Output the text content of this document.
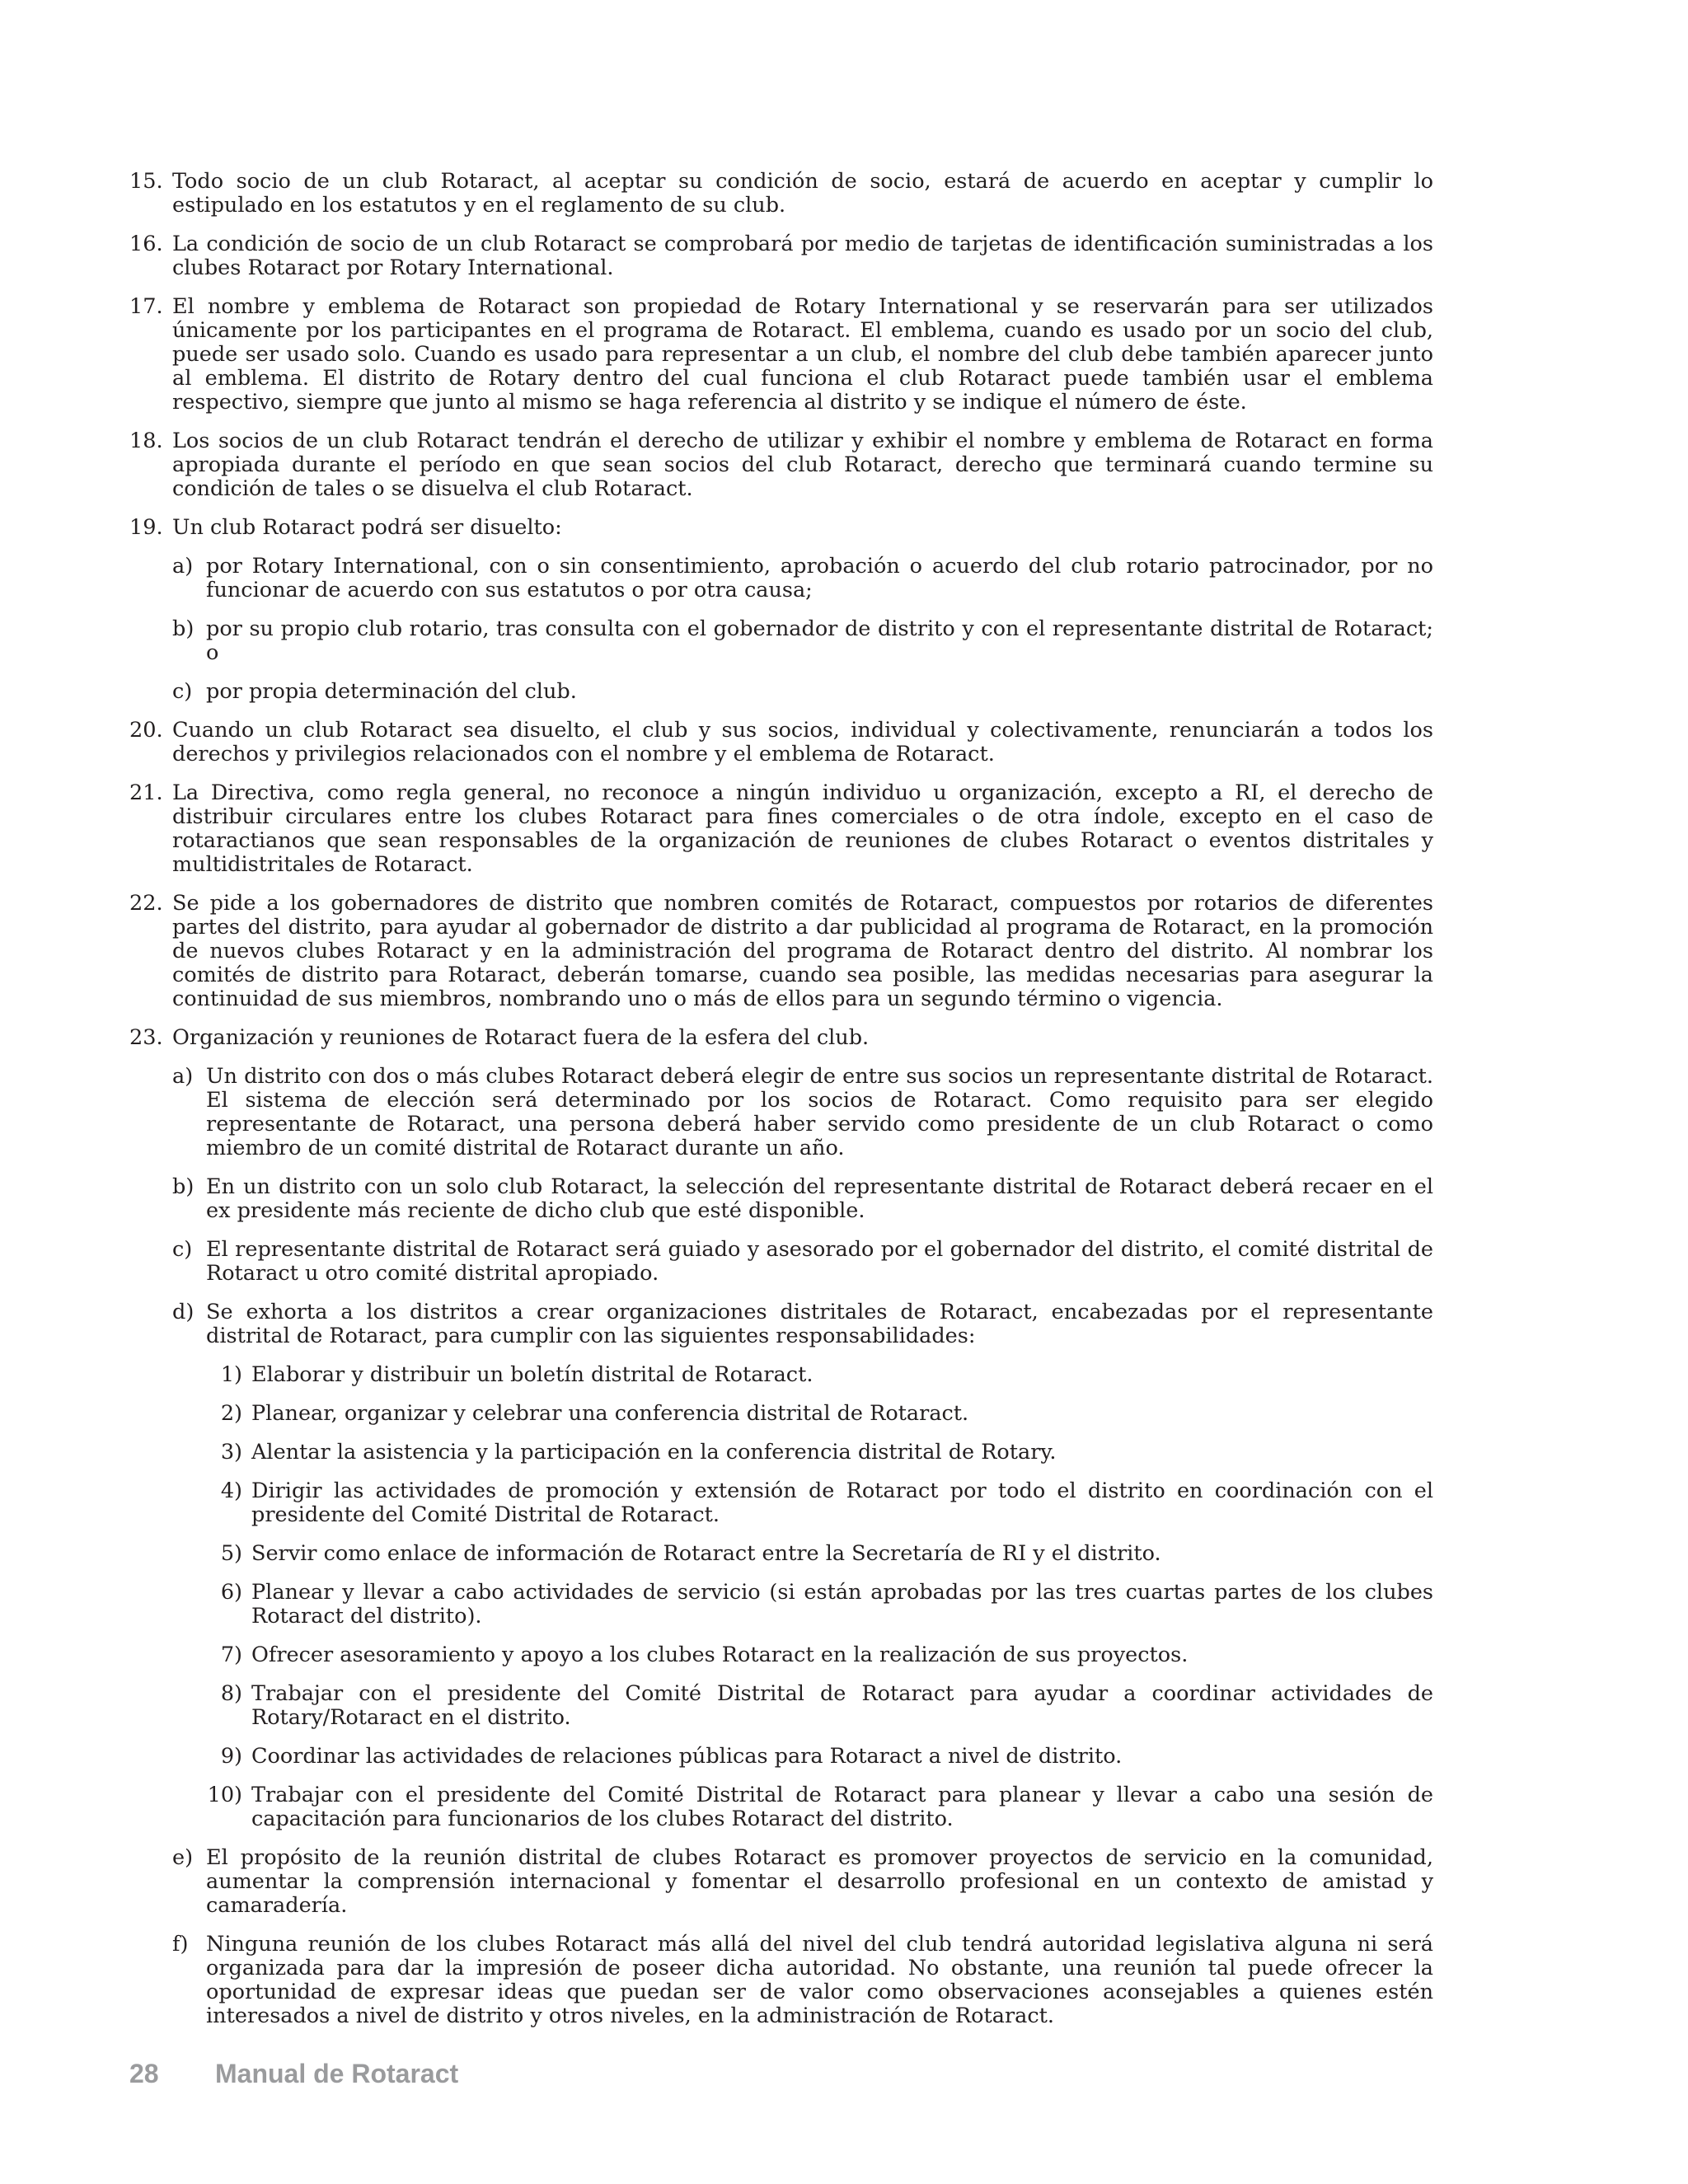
15. Todo socio de un club Rotaract, al aceptar su condición de socio, estará de acuerdo en aceptar y cumplir lo estipulado en los estatutos y en el reglamento de su club.
16. La condición de socio de un club Rotaract se comprobará por medio de tarjetas de identificación suministradas a los clubes Rotaract por Rotary International.
17. El nombre y emblema de Rotaract son propiedad de Rotary International y se reservarán para ser utilizados únicamente por los participantes en el programa de Rotaract. El emblema, cuando es usado por un socio del club, puede ser usado solo. Cuando es usado para representar a un club, el nombre del club debe también aparecer junto al emblema. El distrito de Rotary dentro del cual funciona el club Rotaract puede también usar el emblema respectivo, siempre que junto al mismo se haga referencia al distrito y se indique el número de éste.
18. Los socios de un club Rotaract tendrán el derecho de utilizar y exhibir el nombre y emblema de Rotaract en forma apropiada durante el período en que sean socios del club Rotaract, derecho que terminará cuando termine su condición de tales o se disuelva el club Rotaract.
19. Un club Rotaract podrá ser disuelto:
a) por Rotary International, con o sin consentimiento, aprobación o acuerdo del club rotario patrocinador, por no funcionar de acuerdo con sus estatutos o por otra causa;
b) por su propio club rotario, tras consulta con el gobernador de distrito y con el representante distrital de Rotaract; o
c) por propia determinación del club.
20. Cuando un club Rotaract sea disuelto, el club y sus socios, individual y colectivamente, renunciarán a todos los derechos y privilegios relacionados con el nombre y el emblema de Rotaract.
21. La Directiva, como regla general, no reconoce a ningún individuo u organización, excepto a RI, el derecho de distribuir circulares entre los clubes Rotaract para fines comerciales o de otra índole, excepto en el caso de rotaractianos que sean responsables de la organización de reuniones de clubes Rotaract o eventos distritales y multidistritales de Rotaract.
22. Se pide a los gobernadores de distrito que nombren comités de Rotaract, compuestos por rotarios de diferentes partes del distrito, para ayudar al gobernador de distrito a dar publicidad al programa de Rotaract, en la promoción de nuevos clubes Rotaract y en la administración del programa de Rotaract dentro del distrito. Al nombrar los comités de distrito para Rotaract, deberán tomarse, cuando sea posible, las medidas necesarias para asegurar la continuidad de sus miembros, nombrando uno o más de ellos para un segundo término o vigencia.
23. Organización y reuniones de Rotaract fuera de la esfera del club.
a) Un distrito con dos o más clubes Rotaract deberá elegir de entre sus socios un representante distrital de Rotaract. El sistema de elección será determinado por los socios de Rotaract. Como requisito para ser elegido representante de Rotaract, una persona deberá haber servido como presidente de un club Rotaract o como miembro de un comité distrital de Rotaract durante un año.
b) En un distrito con un solo club Rotaract, la selección del representante distrital de Rotaract deberá recaer en el ex presidente más reciente de dicho club que esté disponible.
c) El representante distrital de Rotaract será guiado y asesorado por el gobernador del distrito, el comité distrital de Rotaract u otro comité distrital apropiado.
d) Se exhorta a los distritos a crear organizaciones distritales de Rotaract, encabezadas por el representante distrital de Rotaract, para cumplir con las siguientes responsabilidades:
1) Elaborar y distribuir un boletín distrital de Rotaract.
2) Planear, organizar y celebrar una conferencia distrital de Rotaract.
3) Alentar la asistencia y la participación en la conferencia distrital de Rotary.
4) Dirigir las actividades de promoción y extensión de Rotaract por todo el distrito en coordinación con el presidente del Comité Distrital de Rotaract.
5) Servir como enlace de información de Rotaract entre la Secretaría de RI y el distrito.
6) Planear y llevar a cabo actividades de servicio (si están aprobadas por las tres cuartas partes de los clubes Rotaract del distrito).
7) Ofrecer asesoramiento y apoyo a los clubes Rotaract en la realización de sus proyectos.
8) Trabajar con el presidente del Comité Distrital de Rotaract para ayudar a coordinar actividades de Rotary/Rotaract en el distrito.
9) Coordinar las actividades de relaciones públicas para Rotaract a nivel de distrito.
10) Trabajar con el presidente del Comité Distrital de Rotaract para planear y llevar a cabo una sesión de capacitación para funcionarios de los clubes Rotaract del distrito.
e) El propósito de la reunión distrital de clubes Rotaract es promover proyectos de servicio en la comunidad, aumentar la comprensión internacional y fomentar el desarrollo profesional en un contexto de amistad y camaradería.
f) Ninguna reunión de los clubes Rotaract más allá del nivel del club tendrá autoridad legislativa alguna ni será organizada para dar la impresión de poseer dicha autoridad. No obstante, una reunión tal puede ofrecer la oportunidad de expresar ideas que puedan ser de valor como observaciones aconsejables a quienes estén interesados a nivel de distrito y otros niveles, en la administración de Rotaract.
28 Manual de Rotaract
